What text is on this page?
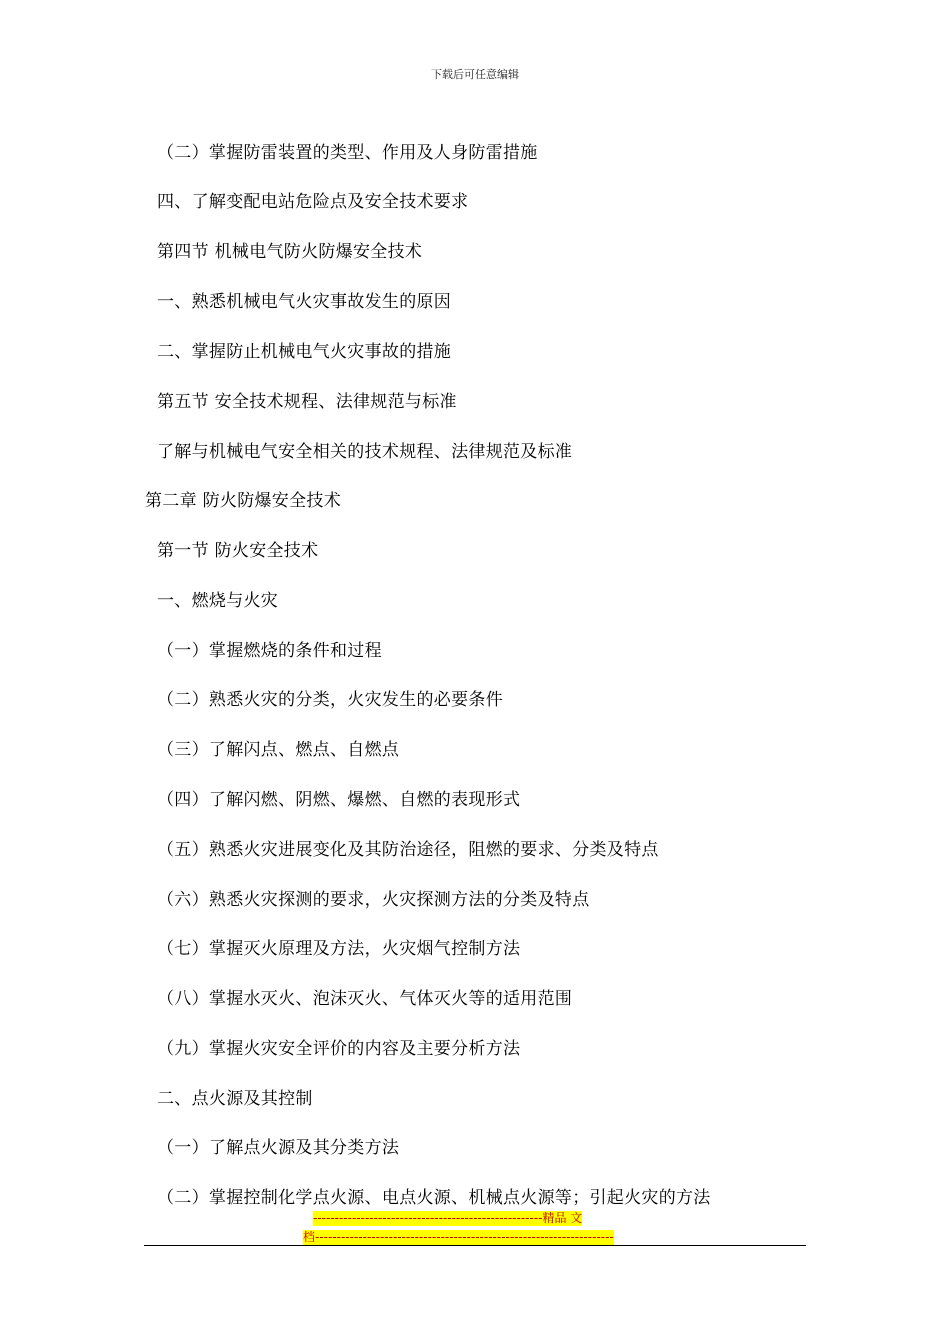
下载后可任意编辑
（二）掌握防雷装置的类型、作用及人身防雷措施
四、了解变配电站危险点及安全技术要求
第四节 机械电气防火防爆安全技术
一、熟悉机械电气火灾事故发生的原因
二、掌握防止机械电气火灾事故的措施
第五节 安全技术规程、法律规范与标准
了解与机械电气安全相关的技术规程、法律规范及标准
第二章 防火防爆安全技术
第一节 防火安全技术
一、燃烧与火灾
（一）掌握燃烧的条件和过程
（二）熟悉火灾的分类，火灾发生的必要条件
（三）了解闪点、燃点、自燃点
（四）了解闪燃、阴燃、爆燃、自燃的表现形式
（五）熟悉火灾进展变化及其防治途径，阻燃的要求、分类及特点
（六）熟悉火灾探测的要求，火灾探测方法的分类及特点
（七）掌握灭火原理及方法，火灾烟气控制方法
（八）掌握水灭火、泡沫灭火、气体灭火等的适用范围
（九）掌握火灾安全评价的内容及主要分析方法
二、点火源及其控制
（一）了解点火源及其分类方法
（二）掌握控制化学点火源、电点火源、机械点火源等；引起火灾的方法
-----------------------------------------------------精品 文
档---------------------------------------------------------------------
